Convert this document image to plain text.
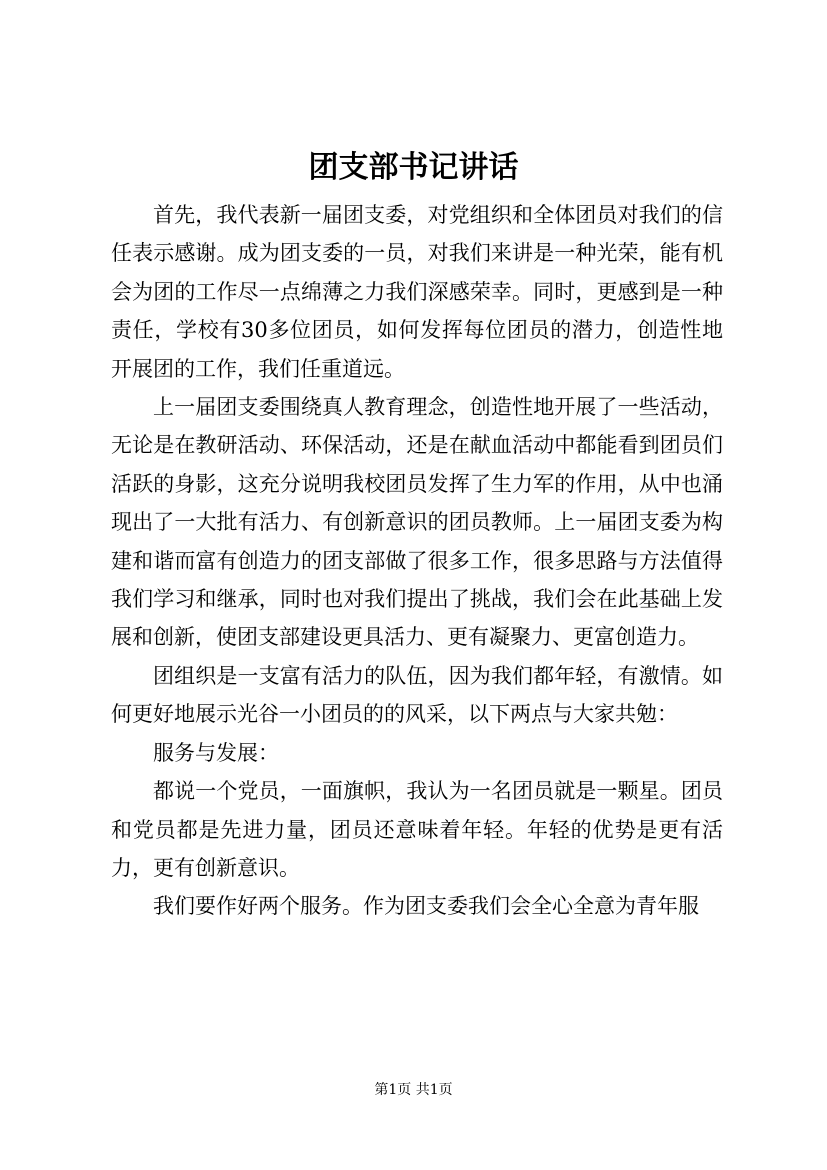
团支部书记讲话

首先，我代表新一届团支委，对党组织和全体团员对我们的信任表示感谢。成为团支委的一员，对我们来讲是一种光荣，能有机会为团的工作尽一点绵薄之力我们深感荣幸。同时，更感到是一种责任，学校有30多位团员，如何发挥每位团员的潜力，创造性地开展团的工作，我们任重道远。

上一届团支委围绕真人教育理念，创造性地开展了一些活动，无论是在教研活动、环保活动，还是在献血活动中都能看到团员们活跃的身影，这充分说明我校团员发挥了生力军的作用，从中也涌现出了一大批有活力、有创新意识的团员教师。上一届团支委为构建和谐而富有创造力的团支部做了很多工作，很多思路与方法值得我们学习和继承，同时也对我们提出了挑战，我们会在此基础上发展和创新，使团支部建设更具活力、更有凝聚力、更富创造力。

团组织是一支富有活力的队伍，因为我们都年轻，有激情。如何更好地展示光谷一小团员的的风采，以下两点与大家共勉：

服务与发展：

都说一个党员，一面旗帜，我认为一名团员就是一颗星。团员和党员都是先进力量，团员还意味着年轻。年轻的优势是更有活力，更有创新意识。

我们要作好两个服务。作为团支委我们会全心全意为青年服

第1页 共1页
